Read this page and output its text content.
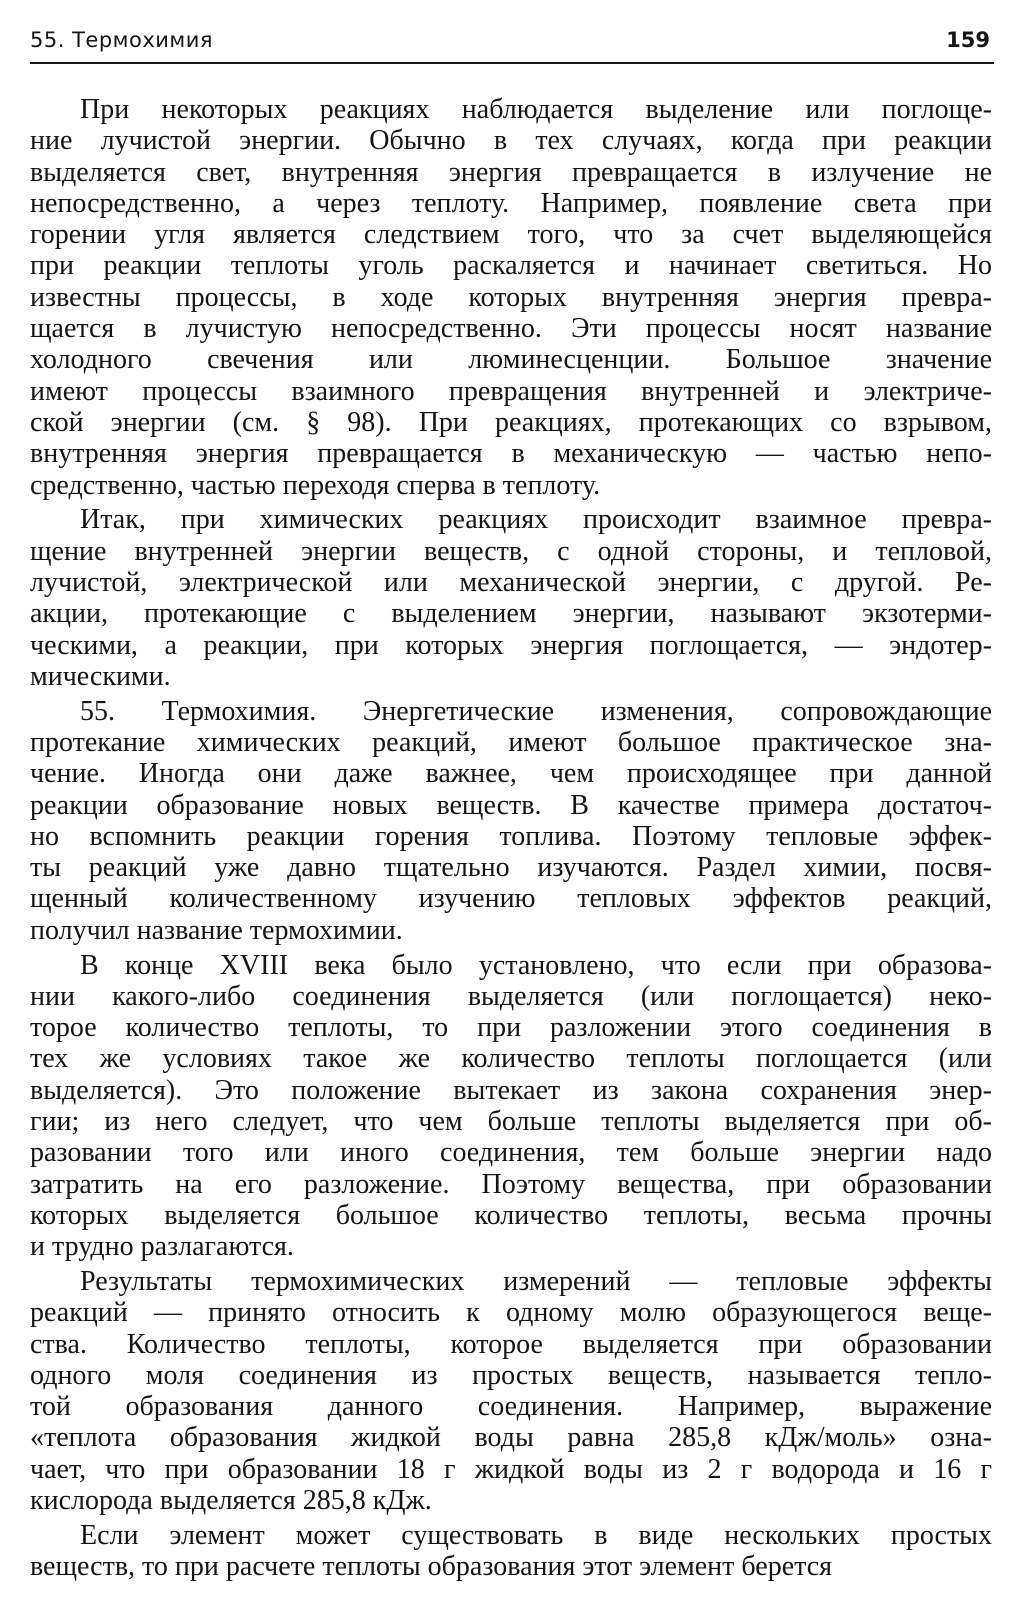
55. Термохимия	159
При некоторых реакциях наблюдается выделение или поглоще-
ние лучистой энергии. Обычно в тех случаях, когда при реакции
выделяется свет, внутренняя энергия превращается в излучение не
непосредственно, а через теплоту. Например, появление света при
горении угля является следствием того, что за счет выделяющейся
при реакции теплоты уголь раскаляется и начинает светиться. Но
известны процессы, в ходе которых внутренняя энергия превра-
щается в лучистую непосредственно. Эти процессы носят название
холодного свечения или люминесценции. Большое значение
имеют процессы взаимного превращения внутренней и электриче-
ской энергии (см. § 98). При реакциях, протекающих со взрывом,
внутренняя энергия превращается в механическую — частью непо-
средственно, частью переходя сперва в теплоту.
Итак, при химических реакциях происходит взаимное превра-
щение внутренней энергии веществ, с одной стороны, и тепловой,
лучистой, электрической или механической энергии, с другой. Ре-
акции, протекающие с выделением энергии, называют экзотерми-
ческими, а реакции, при которых энергия поглощается, — эндотер-
мическими.
55. Термохимия. Энергетические изменения, сопровождающие
протекание химических реакций, имеют большое практическое зна-
чение. Иногда они даже важнее, чем происходящее при данной
реакции образование новых веществ. В качестве примера достаточ-
но вспомнить реакции горения топлива. Поэтому тепловые эффек-
ты реакций уже давно тщательно изучаются. Раздел химии, посвя-
щенный количественному изучению тепловых эффектов реакций,
получил название термохимии.
В конце XVIII века было установлено, что если при образова-
нии какого-либо соединения выделяется (или поглощается) неко-
торое количество теплоты, то при разложении этого соединения в
тех же условиях такое же количество теплоты поглощается (или
выделяется). Это положение вытекает из закона сохранения энер-
гии; из него следует, что чем больше теплоты выделяется при об-
разовании того или иного соединения, тем больше энергии надо
затратить на его разложение. Поэтому вещества, при образовании
которых выделяется большое количество теплоты, весьма прочны
и трудно разлагаются.
Результаты термохимических измерений — тепловые эффекты
реакций — принято относить к одному молю образующегося веще-
ства. Количество теплоты, которое выделяется при образовании
одного моля соединения из простых веществ, называется тепло-
той образования данного соединения. Например, выражение
«теплота образования жидкой воды равна 285,8 кДж/моль» озна-
чает, что при образовании 18 г жидкой воды из 2 г водорода и 16 г
кислорода выделяется 285,8 кДж.
Если элемент может существовать в виде нескольких простых
веществ, то при расчете теплоты образования этот элемент берется
